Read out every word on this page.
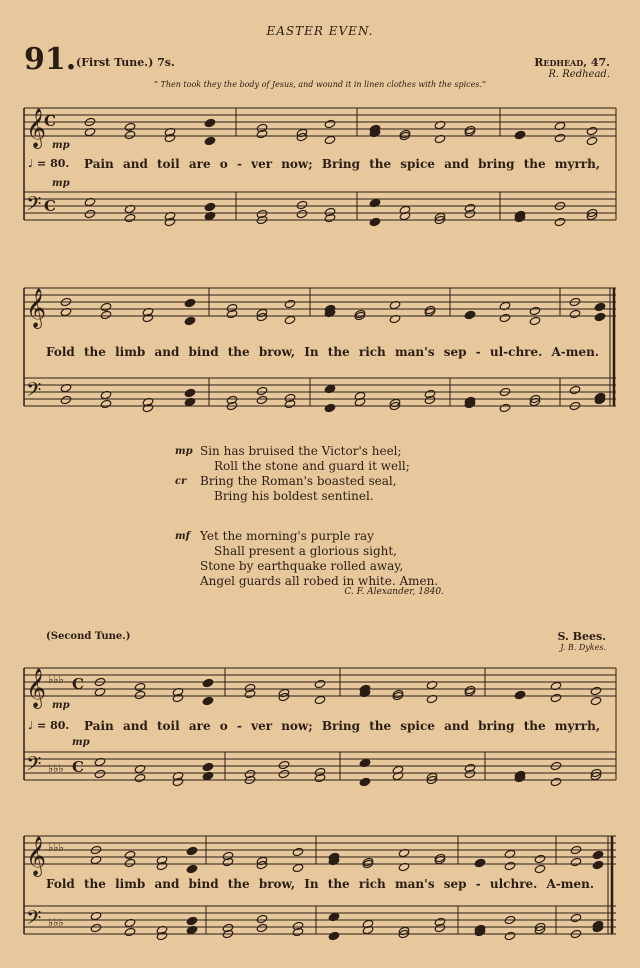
EASTER EVEN.
91. (First Tune.) 7s.	Redhead, 47.
R. Redhead.
“ Then took they the body of Jesus, and wound it in linen clothes with the spices.”
𝄞
C
𝄢 C
𝄞
𝄢
𝄞 ♭♭♭ C
𝄢 ♭♭♭ C
𝄞 ♭♭♭
𝄢 ♭♭♭
mp
♩ = 80. Pain and toil are o - ver now; Bring the spice and bring the myrrh,
mp
Fold the limb and bind the brow, In the rich man's sep - ul-chre. A-men.
mp Sin has bruised the Victor's heel;
Roll the stone and guard it well;
cr Bring the Roman's boasted seal,
Bring his boldest sentinel.
mf Yet the morning's purple ray
Shall present a glorious sight,
Stone by earthquake rolled away,
Angel guards all robed in white. Amen.
C. F. Alexander, 1840.
(Second Tune.)	S. Bees.
J. B. Dykes.
mp
♩ = 80. Pain and toil are o - ver now; Bring the spice and bring the myrrh,
mp
Fold the limb and bind the brow, In the rich man's sep - ulchre. A-men.
